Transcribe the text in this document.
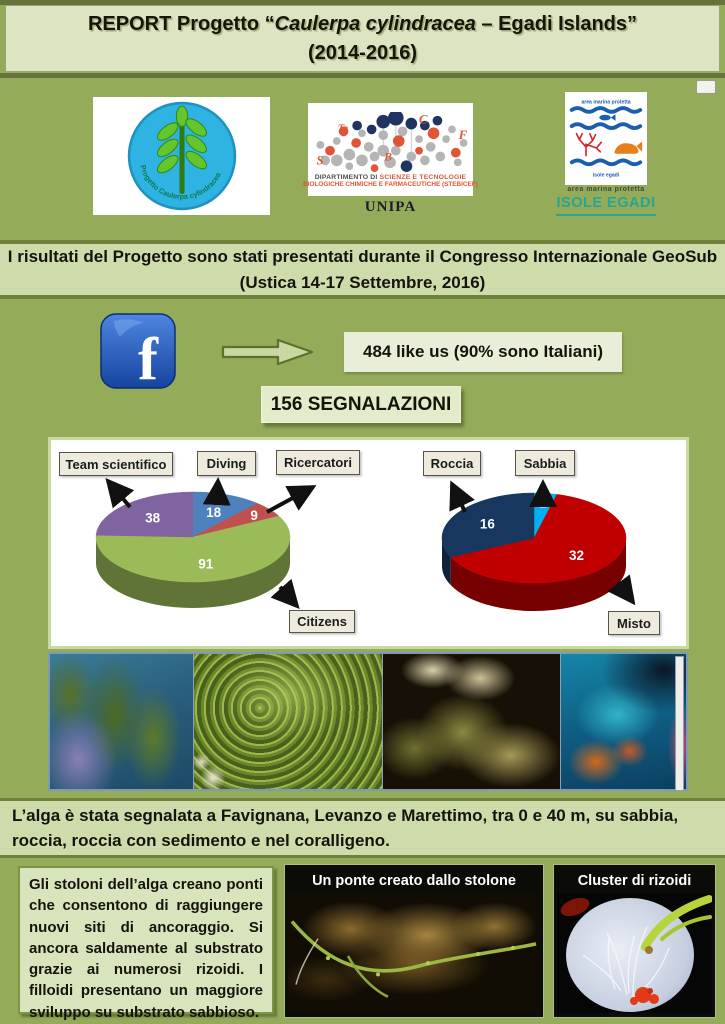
REPORT Progetto “Caulerpa cylindracea – Egadi Islands”
(2014-2016)
Progetto Caulerpa cylindracea
S
Te
B
C
F
DIPARTIMENTO DI SCIENZE E TECNOLOGIE
BIOLOGICHE CHIMICHE E FARMACEUTICHE (STEBICEF)
UNIPA
area marina protetta
isole egadi
area marina protetta
ISOLE EGADI
I risultati del Progetto sono stati presentati durante il Congresso Internazionale GeoSub
(Ustica 14-17 Settembre, 2016)
f	484 like us (90% sono Italiani)
156 SEGNALAZIONI
18 9
91
38
2
32
16
Team scientifico	Diving	Ricercatori
Citizens
Roccia	Sabbia
Misto
L’alga è stata segnalata a Favignana, Levanzo e Marettimo, tra 0 e 40 m, su sabbia, roccia, roccia con sedimento e nel coralligeno.
Gli stoloni dell’alga creano ponti che consentono di raggiungere nuovi siti di ancoraggio. Si ancora saldamente al substrato grazie ai numerosi rizoidi. I filloidi presentano un maggiore sviluppo su substrato sabbioso.
Un ponte creato dallo stolone	Cluster di rizoidi
